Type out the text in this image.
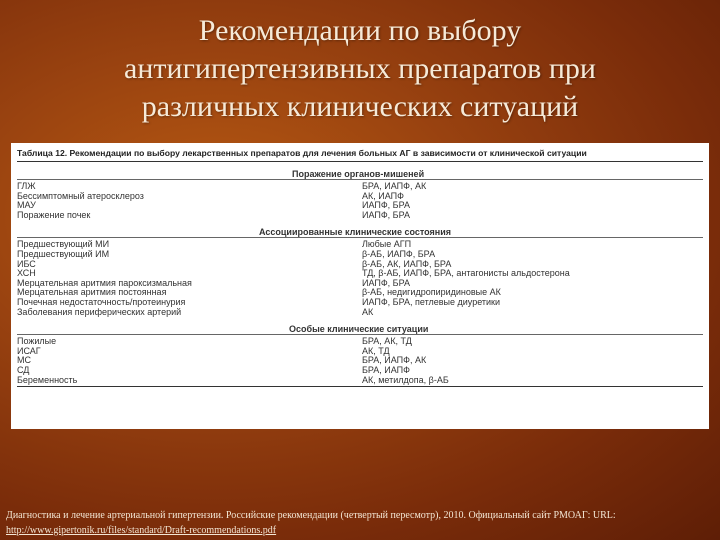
Рекомендации по выбору
антигипертензивных препаратов при
различных клинических ситуаций
Таблица 12. Рекомендации по выбору лекарственных препаратов для лечения больных АГ в зависимости от клинической ситуации
Поражение органов-мишеней
ГЛЖ	БРА, ИАПФ, АК
Бессимптомный атеросклероз	АК, ИАПФ
МАУ	ИАПФ, БРА
Поражение почек	ИАПФ, БРА
Ассоциированные клинические состояния
Предшествующий МИ	Любые АГП
Предшествующий ИМ	β-АБ, ИАПФ, БРА
ИБС	β-АБ, АК, ИАПФ, БРА
ХСН	ТД, β-АБ, ИАПФ, БРА, антагонисты альдостерона
Мерцательная аритмия пароксизмальная	ИАПФ, БРА
Мерцательная аритмия постоянная	β-АБ, недигидропиридиновые АК
Почечная недостаточность/протеинурия	ИАПФ, БРА, петлевые диуретики
Заболевания периферических артерий	АК
Особые клинические ситуации
Пожилые	БРА, АК, ТД
ИСАГ	АК, ТД
МС	БРА, ИАПФ, АК
СД	БРА, ИАПФ
Беременность	АК, метилдопа, β-АБ
Диагностика и лечение артериальной гипертензии. Российские рекомендации (четвертый пересмотр), 2010. Официальный сайт РМОАГ: URL:
http://www.gipertonik.ru/files/standard/Draft-recommendations.pdf
